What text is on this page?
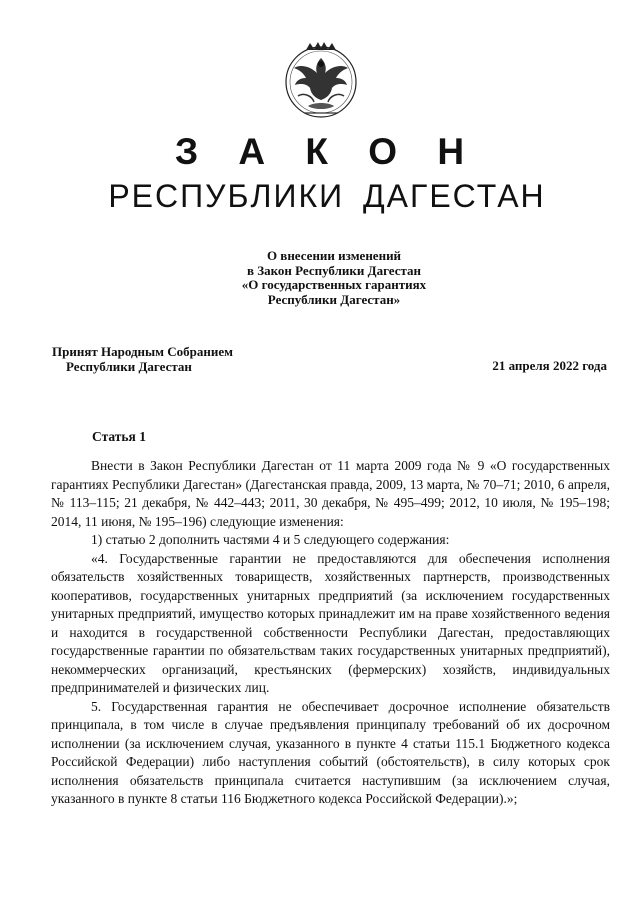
З А К О Н
РЕСПУБЛИКИ ДАГЕСТАН
О внесении изменений
в Закон Республики Дагестан
«О государственных гарантиях
Республики Дагестан»
Принят Народным Собранием
Республики Дагестан	21 апреля 2022 года
Статья 1

Внести в Закон Республики Дагестан от 11 марта 2009 года № 9 «О государственных гарантиях Республики Дагестан» (Дагестанская правда, 2009, 13 марта, № 70–71; 2010, 6 апреля, № 113–115; 21 декабря, № 442–443; 2011, 30 декабря, № 495–499; 2012, 10 июля, № 195–198; 2014, 11 июня, № 195–196) следующие изменения:

1) статью 2 дополнить частями 4 и 5 следующего содержания:

«4. Государственные гарантии не предоставляются для обеспечения исполнения обязательств хозяйственных товариществ, хозяйственных партнерств, производственных кооперативов, государственных унитарных предприятий (за исключением государственных унитарных предприятий, имущество которых принадлежит им на праве хозяйственного ведения и находится в государственной собственности Республики Дагестан, предоставляющих государственные гарантии по обязательствам таких государственных унитарных предприятий), некоммерческих организаций, крестьянских (фермерских) хозяйств, индивидуальных предпринимателей и физических лиц.

5. Государственная гарантия не обеспечивает досрочное исполнение обязательств принципала, в том числе в случае предъявления принципалу требований об их досрочном исполнении (за исключением случая, указанного в пункте 4 статьи 115.1 Бюджетного кодекса Российской Федерации) либо наступления событий (обстоятельств), в силу которых срок исполнения обязательств принципала считается наступившим (за исключением случая, указанного в пункте 8 статьи 116 Бюджетного кодекса Российской Федерации).»;
